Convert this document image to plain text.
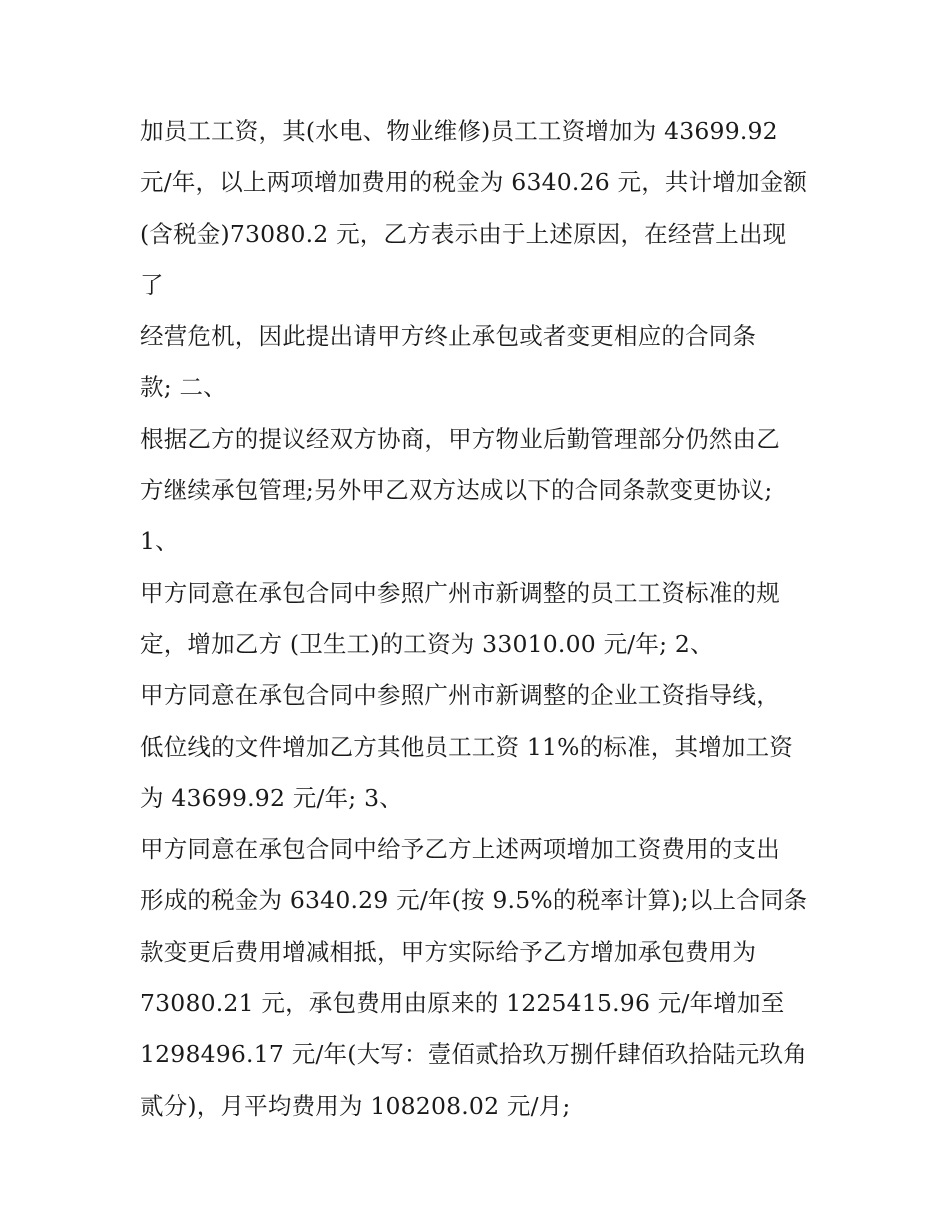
加员工工资，其(水电、物业维修)员工工资增加为 43699.92
元/年，以上两项增加费用的税金为 6340.26 元，共计增加金额
(含税金)73080.2 元，乙方表示由于上述原因，在经营上出现
了
经营危机，因此提出请甲方终止承包或者变更相应的合同条
款; 二、
根据乙方的提议经双方协商，甲方物业后勤管理部分仍然由乙
方继续承包管理;另外甲乙双方达成以下的合同条款变更协议;
1、
甲方同意在承包合同中参照广州市新调整的员工工资标准的规
定，增加乙方 (卫生工)的工资为 33010.00 元/年; 2、
甲方同意在承包合同中参照广州市新调整的企业工资指导线，
低位线的文件增加乙方其他员工工资 11%的标准，其增加工资
为 43699.92 元/年; 3、
甲方同意在承包合同中给予乙方上述两项增加工资费用的支出
形成的税金为 6340.29 元/年(按 9.5%的税率计算);以上合同条
款变更后费用增减相抵，甲方实际给予乙方增加承包费用为
73080.21 元，承包费用由原来的 1225415.96 元/年增加至
1298496.17 元/年(大写：壹佰贰拾玖万捌仟肆佰玖拾陆元玖角
贰分)，月平均费用为 108208.02 元/月;
